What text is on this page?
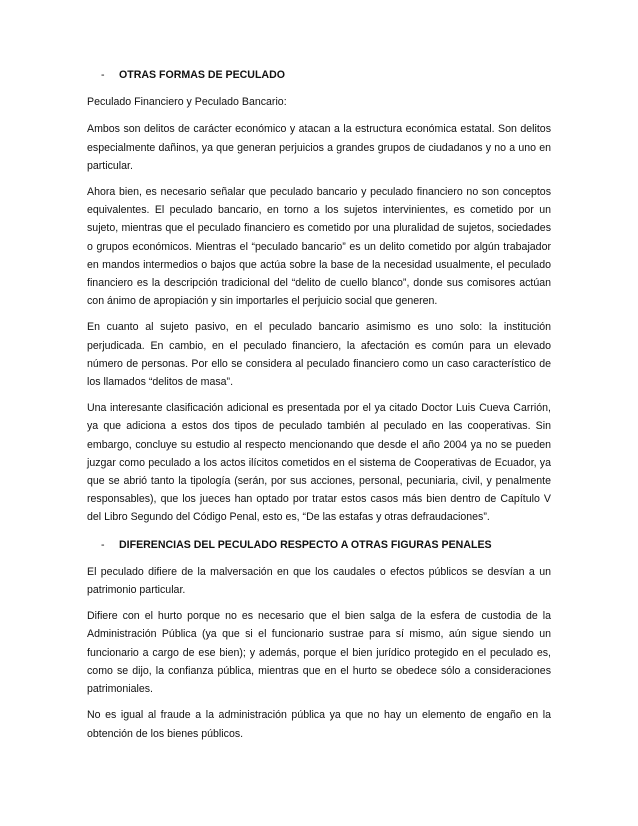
-	OTRAS FORMAS DE PECULADO

Peculado Financiero y Peculado Bancario:

Ambos son delitos de carácter económico y atacan a la estructura económica estatal. Son delitos especialmente dañinos, ya que generan perjuicios a grandes grupos de ciudadanos y no a uno en particular.

Ahora bien, es necesario señalar que peculado bancario y peculado financiero no son conceptos equivalentes. El peculado bancario, en torno a los sujetos intervinientes, es cometido por un sujeto, mientras que el peculado financiero es cometido por una pluralidad de sujetos, sociedades o grupos económicos. Mientras el “peculado bancario” es un delito cometido por algún trabajador en mandos intermedios o bajos que actúa sobre la base de la necesidad usualmente, el peculado financiero es la descripción tradicional del “delito de cuello blanco”, donde sus comisores actúan con ánimo de apropiación y sin importarles el perjuicio social que generen.

En cuanto al sujeto pasivo, en el peculado bancario asimismo es uno solo: la institución perjudicada. En cambio, en el peculado financiero, la afectación es común para un elevado número de personas. Por ello se considera al peculado financiero como un caso característico de los llamados “delitos de masa”.

Una interesante clasificación adicional es presentada por el ya citado Doctor Luis Cueva Carrión, ya que adiciona a estos dos tipos de peculado también al peculado en las cooperativas. Sin embargo, concluye su estudio al respecto mencionando que desde el año 2004 ya no se pueden juzgar como peculado a los actos ilícitos cometidos en el sistema de Cooperativas de Ecuador, ya que se abrió tanto la tipología (serán, por sus acciones, personal, pecuniaria, civil, y penalmente responsables), que los jueces han optado por tratar estos casos más bien dentro de Capítulo V del Libro Segundo del Código Penal, esto es, “De las estafas y otras defraudaciones”.

-	DIFERENCIAS DEL PECULADO RESPECTO A OTRAS FIGURAS PENALES

El peculado difiere de la malversación en que los caudales o efectos públicos se desvían a un patrimonio particular.

Difiere con el hurto porque no es necesario que el bien salga de la esfera de custodia de la Administración Pública (ya que si el funcionario sustrae para sí mismo, aún sigue siendo un funcionario a cargo de ese bien); y además, porque el bien jurídico protegido en el peculado es, como se dijo, la confianza pública, mientras que en el hurto se obedece sólo a consideraciones patrimoniales.

No es igual al fraude a la administración pública ya que no hay un elemento de engaño en la obtención de los bienes públicos.
